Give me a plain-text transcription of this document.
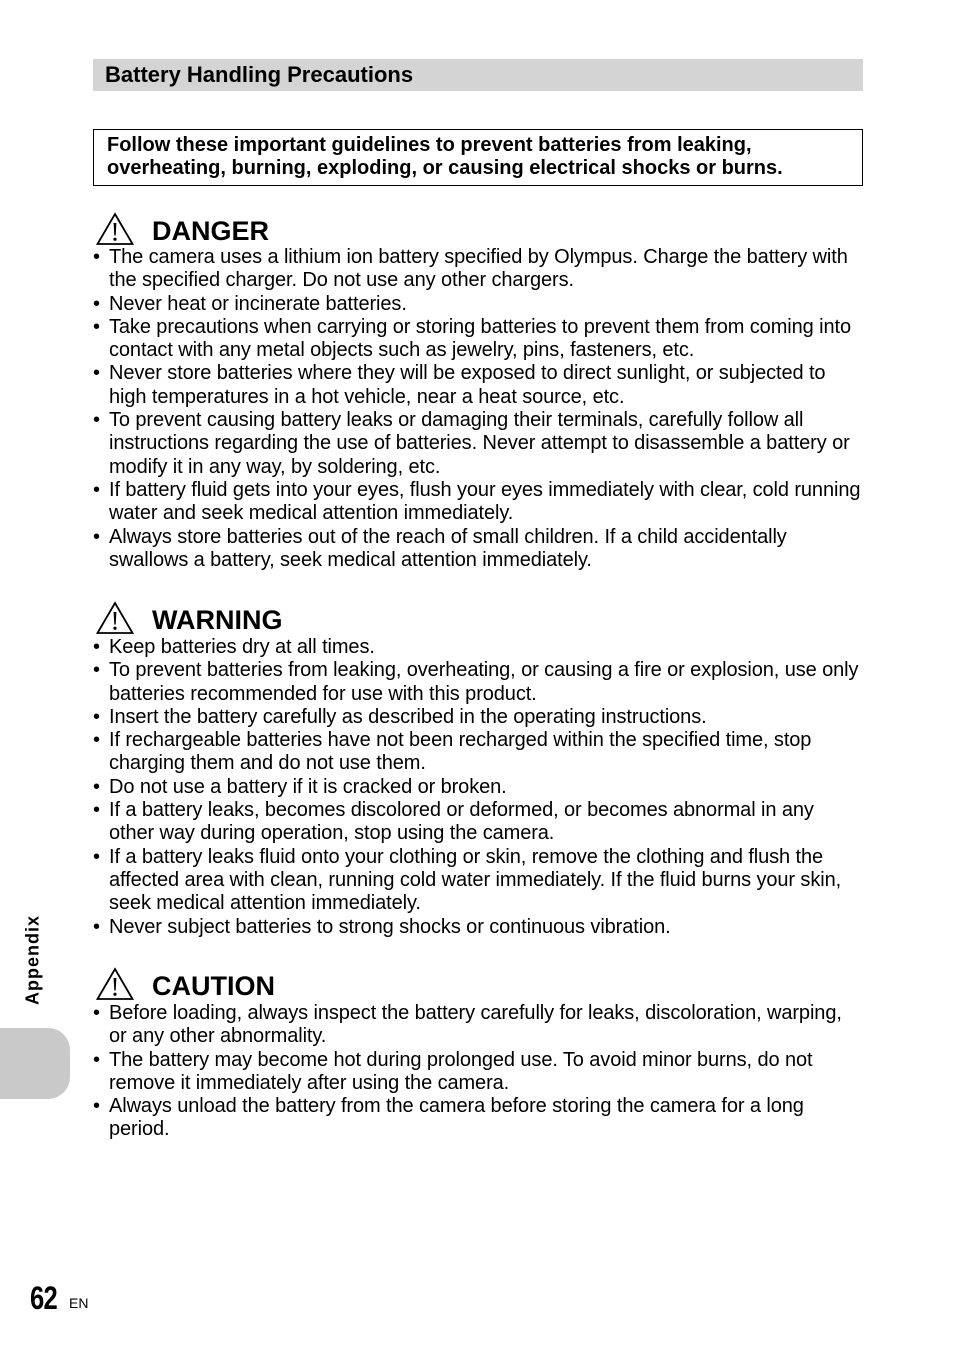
Battery Handling Precautions
Follow these important guidelines to prevent batteries from leaking, overheating, burning, exploding, or causing electrical shocks or burns.
DANGER
• The camera uses a lithium ion battery specified by Olympus. Charge the battery with the specified charger. Do not use any other chargers.
• Never heat or incinerate batteries.
• Take precautions when carrying or storing batteries to prevent them from coming into contact with any metal objects such as jewelry, pins, fasteners, etc.
• Never store batteries where they will be exposed to direct sunlight, or subjected to high temperatures in a hot vehicle, near a heat source, etc.
• To prevent causing battery leaks or damaging their terminals, carefully follow all instructions regarding the use of batteries. Never attempt to disassemble a battery or modify it in any way, by soldering, etc.
• If battery fluid gets into your eyes, flush your eyes immediately with clear, cold running water and seek medical attention immediately.
• Always store batteries out of the reach of small children. If a child accidentally swallows a battery, seek medical attention immediately.
WARNING
• Keep batteries dry at all times.
• To prevent batteries from leaking, overheating, or causing a fire or explosion, use only batteries recommended for use with this product.
• Insert the battery carefully as described in the operating instructions.
• If rechargeable batteries have not been recharged within the specified time, stop charging them and do not use them.
• Do not use a battery if it is cracked or broken.
• If a battery leaks, becomes discolored or deformed, or becomes abnormal in any other way during operation, stop using the camera.
• If a battery leaks fluid onto your clothing or skin, remove the clothing and flush the affected area with clean, running cold water immediately. If the fluid burns your skin, seek medical attention immediately.
• Never subject batteries to strong shocks or continuous vibration.
CAUTION
• Before loading, always inspect the battery carefully for leaks, discoloration, warping, or any other abnormality.
• The battery may become hot during prolonged use. To avoid minor burns, do not remove it immediately after using the camera.
• Always unload the battery from the camera before storing the camera for a long period.
Appendix
62 EN
